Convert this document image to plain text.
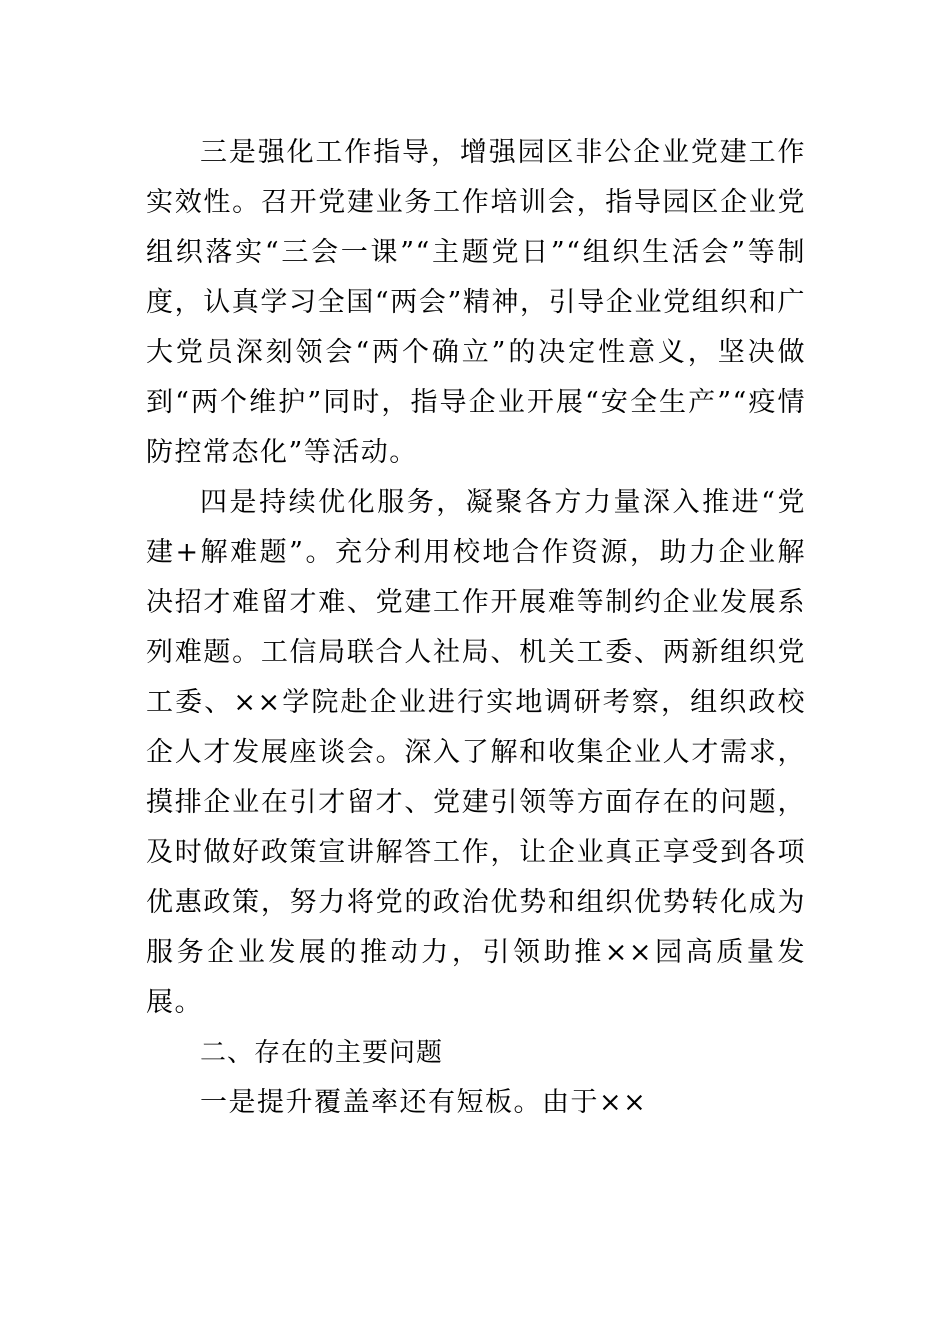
三是强化工作指导，增强园区非公企业党建工作实效性。召开党建业务工作培训会，指导园区企业党组织落实“三会一课”“主题党日”“组织生活会”等制度，认真学习全国“两会”精神，引导企业党组织和广大党员深刻领会“两个确立”的决定性意义，坚决做到“两个维护”同时，指导企业开展“安全生产”“疫情防控常态化”等活动。

四是持续优化服务，凝聚各方力量深入推进“党建+解难题”。充分利用校地合作资源，助力企业解决招才难留才难、党建工作开展难等制约企业发展系列难题。工信局联合人社局、机关工委、两新组织党工委、××学院赴企业进行实地调研考察，组织政校企人才发展座谈会。深入了解和收集企业人才需求，摸排企业在引才留才、党建引领等方面存在的问题，及时做好政策宣讲解答工作，让企业真正享受到各项优惠政策，努力将党的政治优势和组织优势转化成为服务企业发展的推动力，引领助推××园高质量发展。

二、存在的主要问题

一是提升覆盖率还有短板。由于××
